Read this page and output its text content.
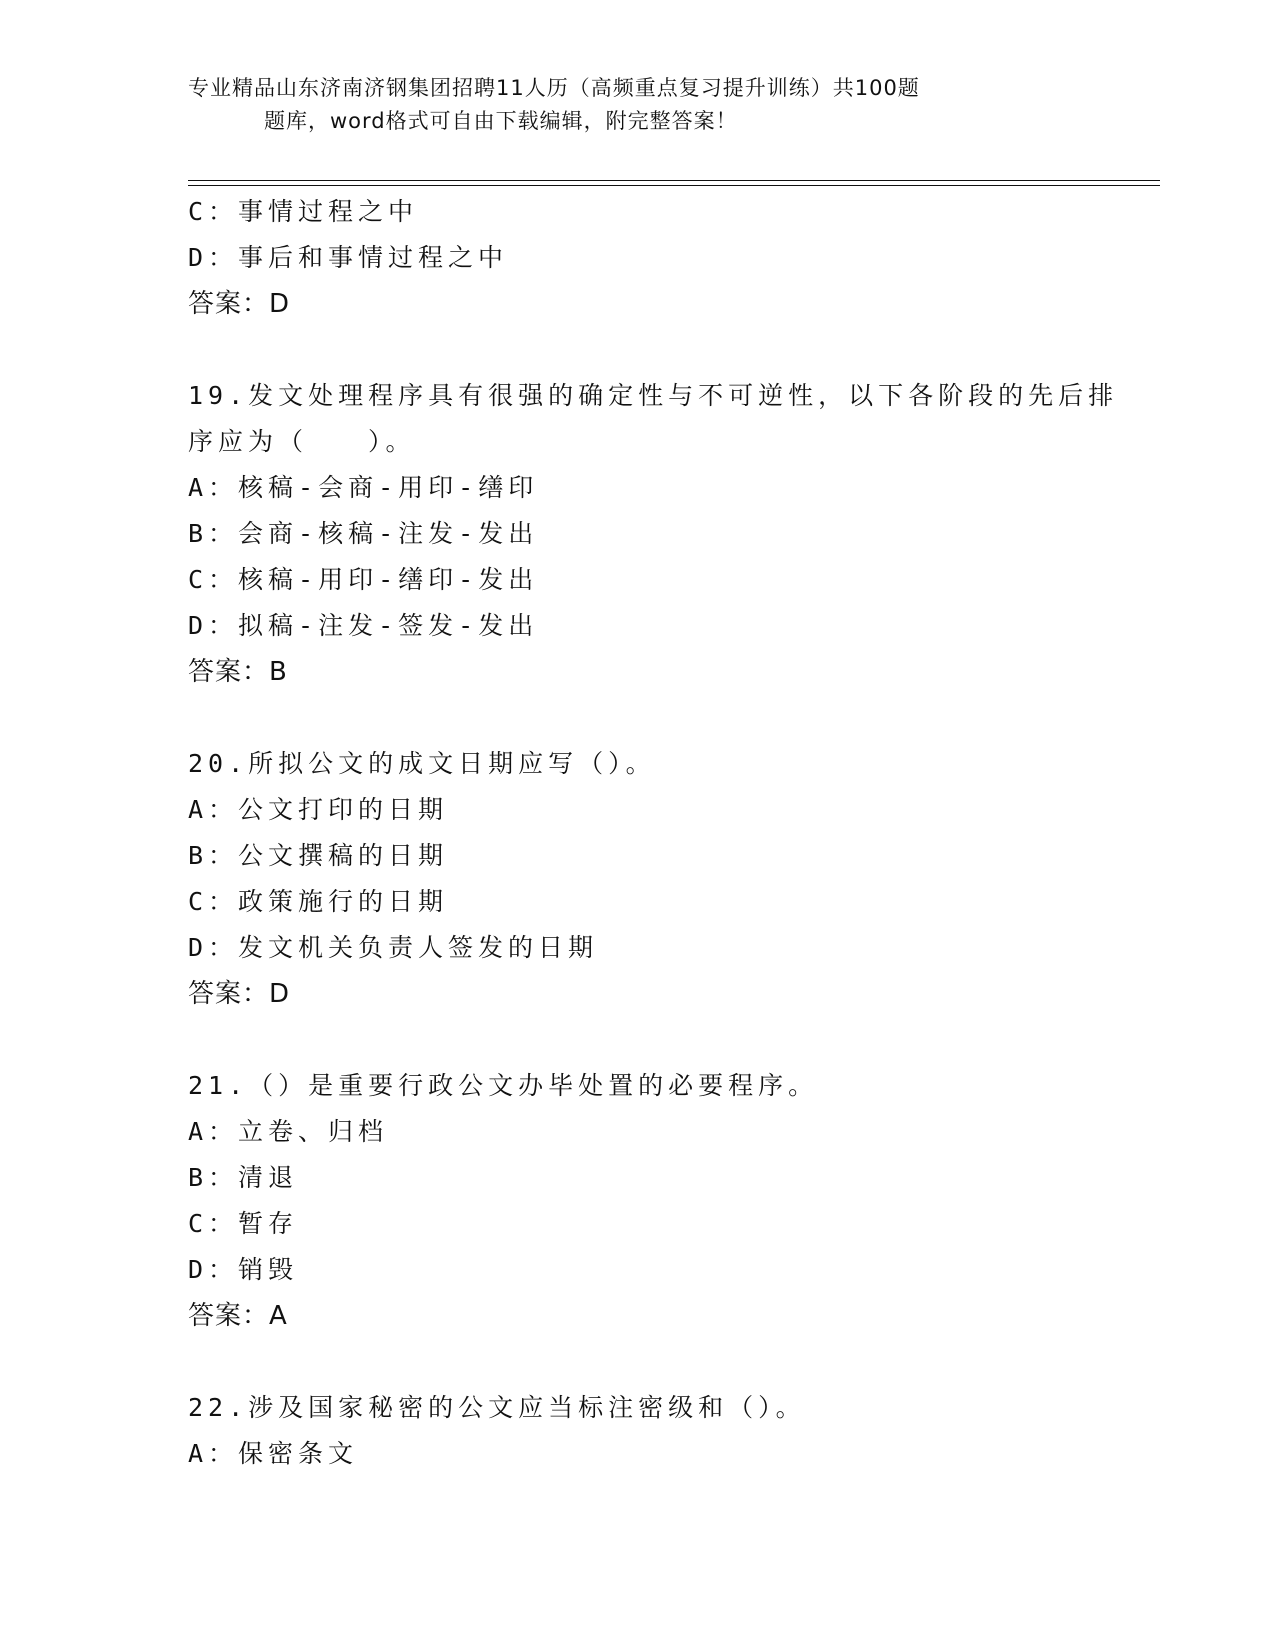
专业精品山东济南济钢集团招聘11人历（高频重点复习提升训练）共100题
题库，word格式可自由下载编辑，附完整答案！
C：事情过程之中
D：事后和事情过程之中
答案：D
19.发文处理程序具有很强的确定性与不可逆性，以下各阶段的先后排
序应为（　　）。
A：核稿-会商-用印-缮印
B：会商-核稿-注发-发出
C：核稿-用印-缮印-发出
D：拟稿-注发-签发-发出
答案：B
20.所拟公文的成文日期应写（）。
A：公文打印的日期
B：公文撰稿的日期
C：政策施行的日期
D：发文机关负责人签发的日期
答案：D
21.（）是重要行政公文办毕处置的必要程序。
A：立卷、归档
B：清退
C：暂存
D：销毁
答案：A
22.涉及国家秘密的公文应当标注密级和（）。
A：保密条文
